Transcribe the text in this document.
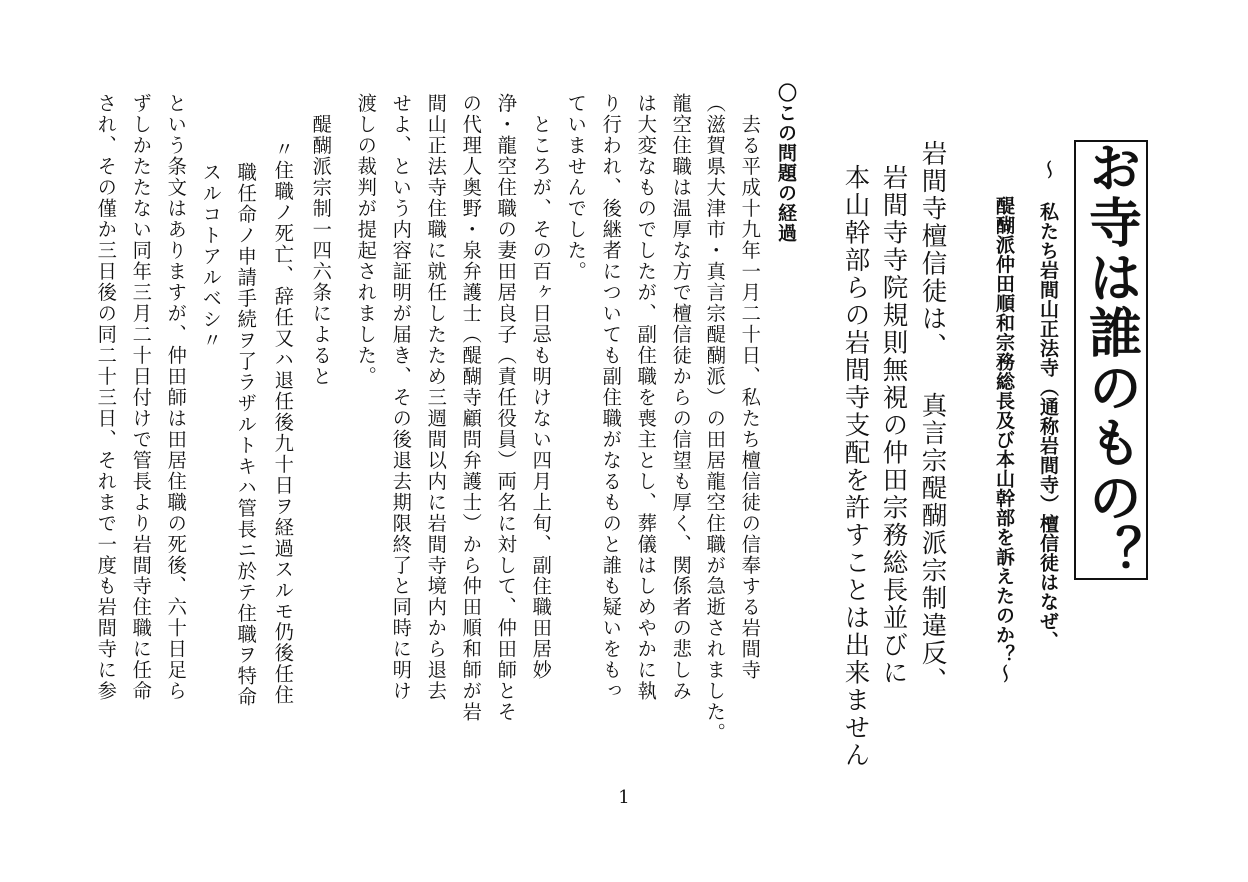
お寺は誰のもの？
～ 私たち岩間山正法寺（通称岩間寺）檀信徒はなぜ、
醍醐派仲田順和宗務総長及び本山幹部を訴えたのか？～
岩間寺檀信徒は、 真言宗醍醐派宗制違反、
岩間寺寺院規則無視の仲田宗務総長並びに
本山幹部らの岩間寺支配を許すことは出来ません
〇この問題の経過
去る平成十九年一月二十日、私たち檀信徒の信奉する岩間寺
（滋賀県大津市・真言宗醍醐派）の田居龍空住職が急逝されました。
龍空住職は温厚な方で檀信徒からの信望も厚く、関係者の悲しみ
は大変なものでしたが、副住職を喪主とし、葬儀はしめやかに執
り行われ、後継者についても副住職がなるものと誰も疑いをもっ
ていませんでした。
ところが、その百ヶ日忌も明けない四月上旬、副住職田居妙
浄・龍空住職の妻田居良子（責任役員）両名に対して、仲田師とそ
の代理人奥野・泉弁護士（醍醐寺顧問弁護士）から仲田順和師が岩
間山正法寺住職に就任したため三週間以内に岩間寺境内から退去
せよ、という内容証明が届き、その後退去期限終了と同時に明け
渡しの裁判が提起されました。
醍醐派宗制一四六条によると
〃住職ノ死亡、辞任又ハ退任後九十日ヲ経過スルモ仍後任住
職任命ノ申請手続ヲ了ラザルトキハ管長ニ於テ住職ヲ特命
スルコトアルベシ〃
という条文はありますが、仲田師は田居住職の死後、六十日足ら
ずしかたたない同年三月二十日付けで管長より岩間寺住職に任命
され、その僅か三日後の同二十三日、それまで一度も岩間寺に参
1
